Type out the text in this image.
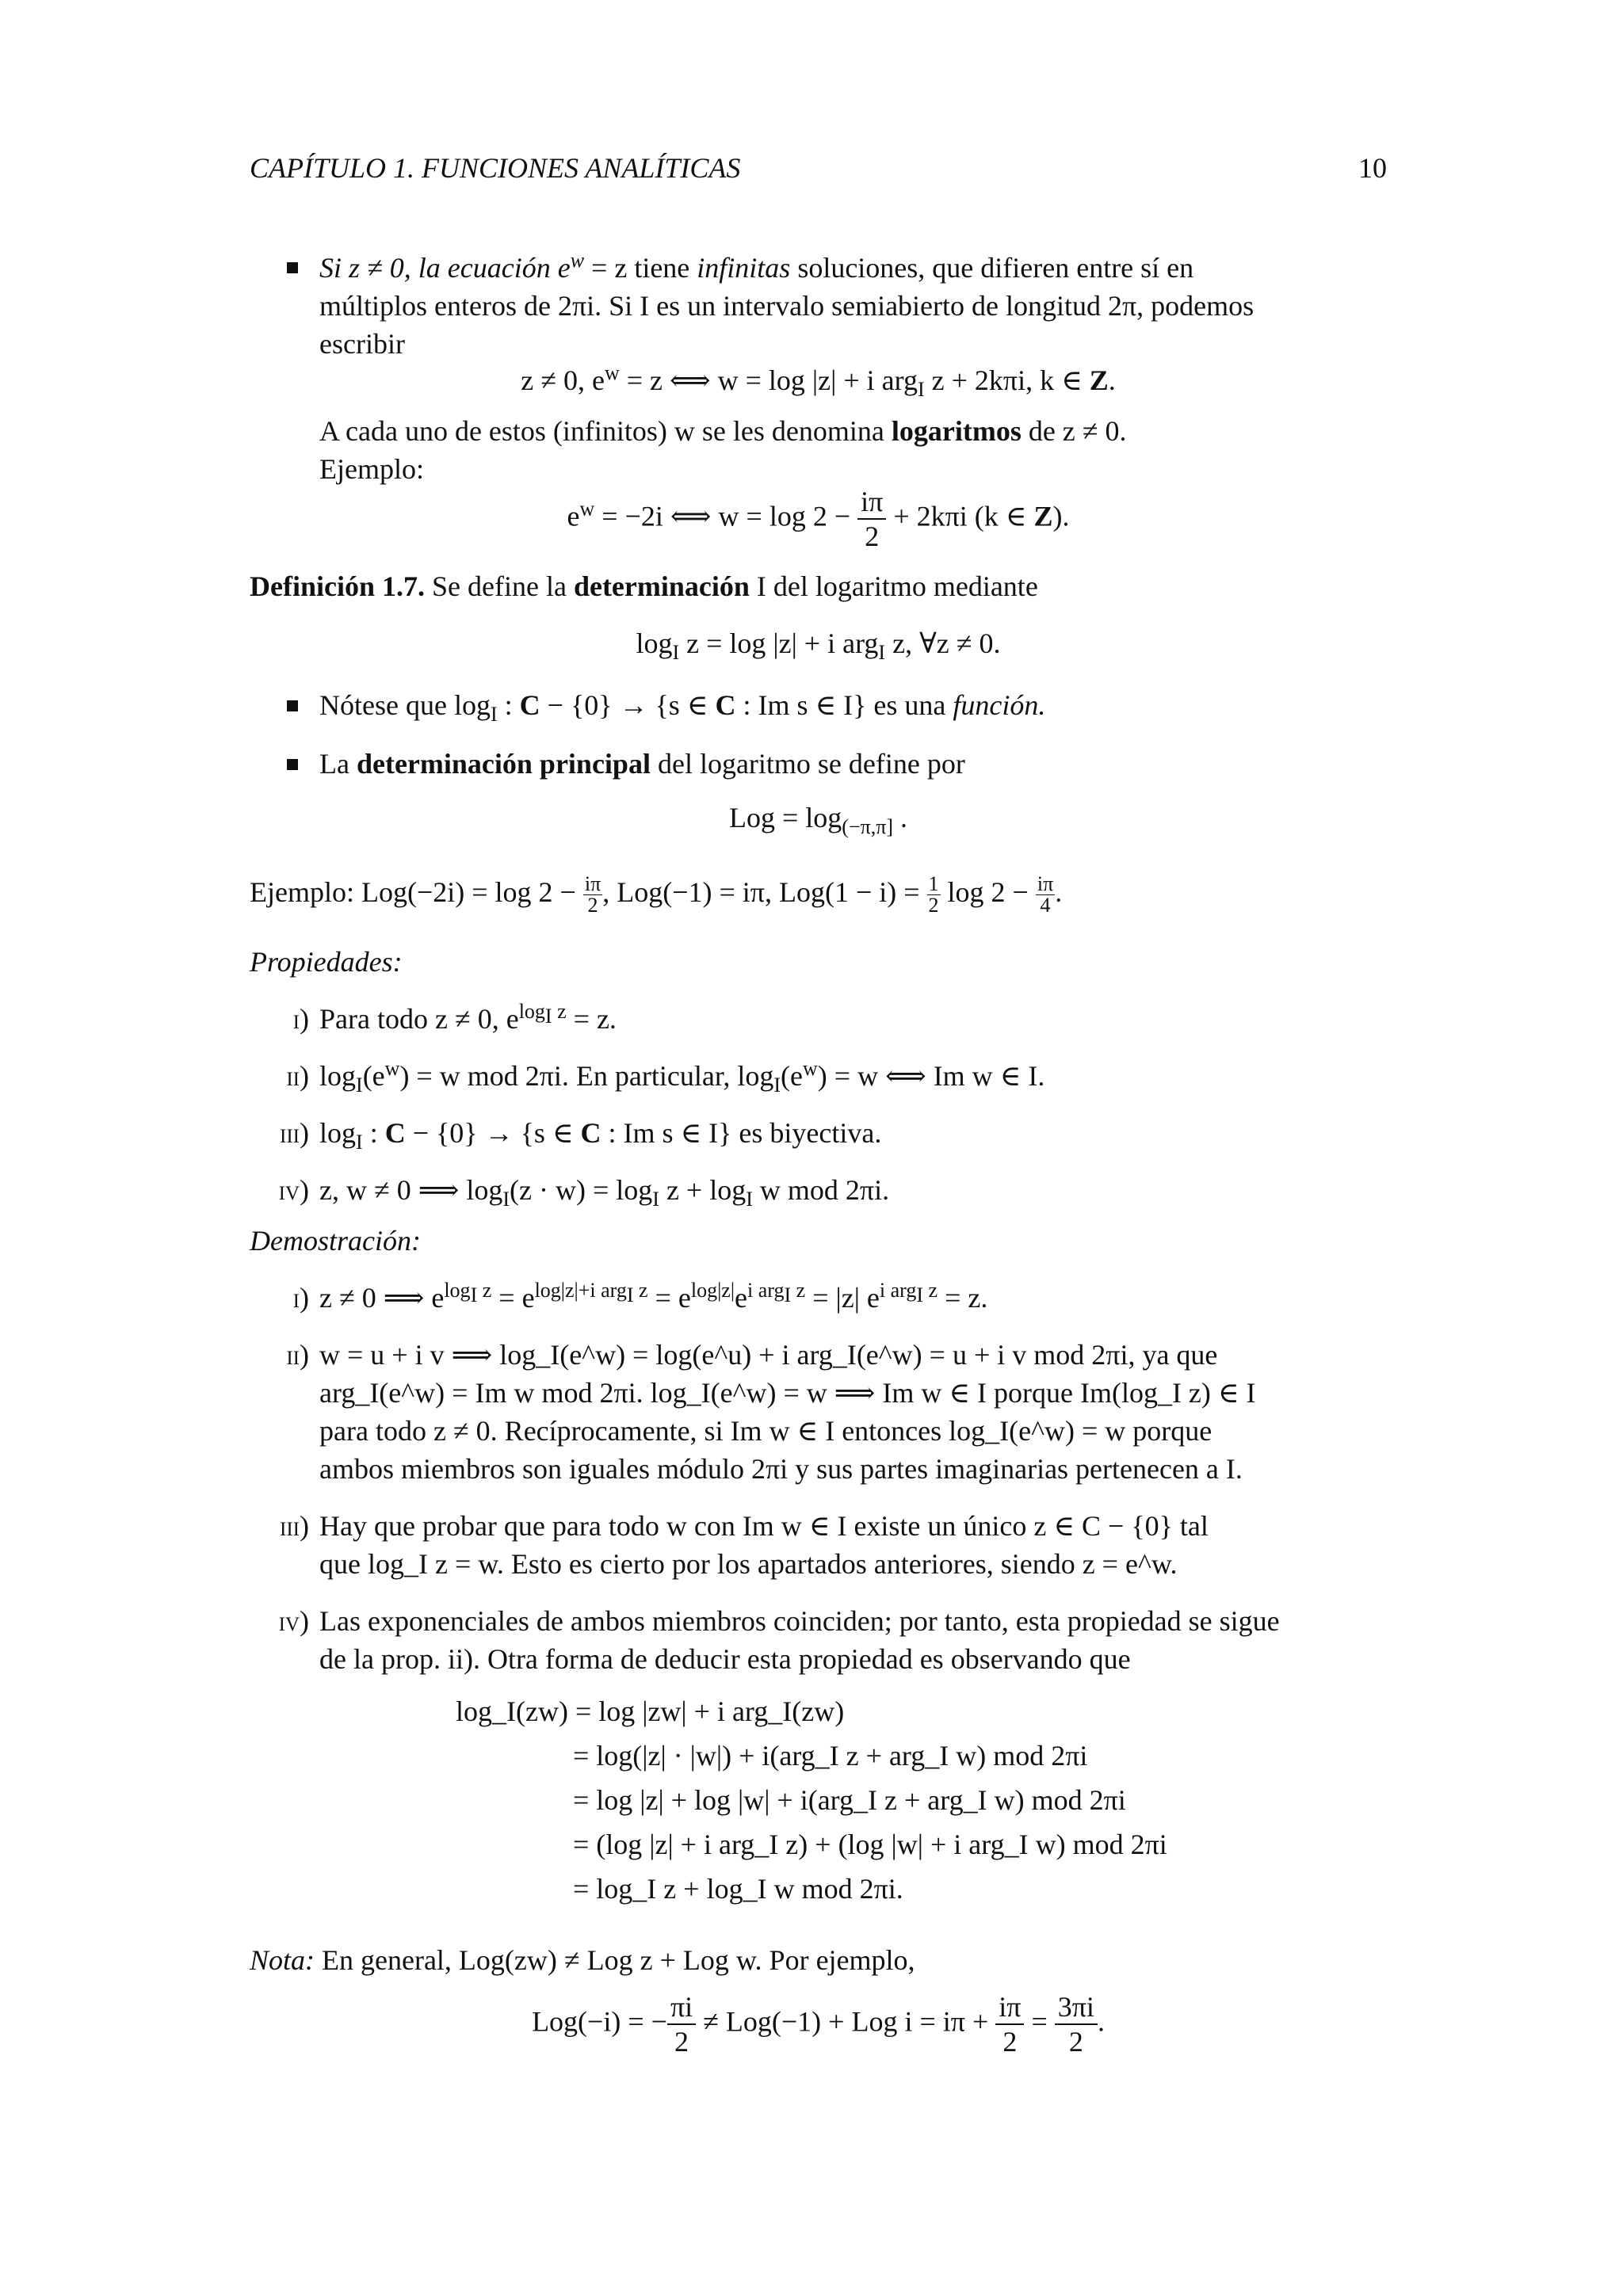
CAPÍTULO 1. FUNCIONES ANALÍTICAS	10
Si z ≠ 0, la ecuación $e^w = z$ tiene infinitas soluciones, que difieren entre sí en
múltiplos enteros de 2πi. Si I es un intervalo semiabierto de longitud 2π, podemos
escribir
z ≠ 0, $e^w = z$ ⟺ w = log |z| + i arg$_I$ z + 2kπi, k ∈ Z.
A cada uno de estos (infinitos) w se les denomina logaritmos de z ≠ 0.
Ejemplo:
$e^w = -2i$ ⟺ $w = \log 2 - \frac{i\pi}{2} + 2k\pi i$ (k ∈ Z).
Definición 1.7. Se define la determinación I del logaritmo mediante
$\log_I z = \log |z| + i$ arg$_I$ z, ∀z ≠ 0.
Nótese que $\log_I$ : C − {0} → {s ∈ C : Im s ∈ I} es una función.
La determinación principal del logaritmo se define por
Log = $\log_{(-\pi,\pi]}$ .
Ejemplo: $Log(-2i) = \log 2 - \frac{i\pi}{2}$ , Log(−1) = iπ, $Log(1 - i) = \frac{1}{2}$ $\log 2 - \frac{i\pi}{4}$ .
Propiedades:
i) Para todo z ≠ 0, $e^{log_I z} = z$.
ii) $\log_I(e^w) = w$ mod 2πi. En particular, $\log_I(e^w) = w$ ⟺ Im w ∈ I.
iii) $\log_I$ : C − {0} → {s ∈ C : Im s ∈ I} es biyectiva.
iv) z, w ≠ 0 ⟹ $\log_I(z \cdot w) = \log_I z + \log_I w$ mod 2πi.
Demostración:
i) z ≠ 0 ⟹ $e^{log_I z} = e^{log|z|+i arg_I z} = e^{log|z|}e^{i arg_I z} = |z|$ $e^{i arg_I z} = z$.
ii) w = u + i v ⟹ log_I(e^w) = log(e^u) + i arg_I(e^w) = u + i v mod 2πi, ya que
arg_I(e^w) = Im w mod 2πi. log_I(e^w) = w ⟹ Im w ∈ I porque Im(log_I z) ∈ I
para todo z ≠ 0. Recíprocamente, si Im w ∈ I entonces log_I(e^w) = w porque
ambos miembros son iguales módulo 2πi y sus partes imaginarias pertenecen a I.
iii) Hay que probar que para todo w con Im w ∈ I existe un único z ∈ C − {0} tal
que log_I z = w. Esto es cierto por los apartados anteriores, siendo z = e^w.
iv) Las exponenciales de ambos miembros coinciden; por tanto, esta propiedad se sigue
de la prop. ii). Otra forma de deducir esta propiedad es observando que
log_I(zw) = log |zw| + i arg_I(zw)
= log(|z| · |w|) + i(arg_I z + arg_I w) mod 2πi
= log |z| + log |w| + i(arg_I z + arg_I w) mod 2πi
= (log |z| + i arg_I z) + (log |w| + i arg_I w) mod 2πi
= log_I z + log_I w mod 2πi.
Nota: En general, Log(zw) ≠ Log z + Log w. Por ejemplo,
Log(−i) = − $\frac{\pi i}{2} \ne Log(-1)$ + Log $i = i\pi + \frac{i\pi}{2} = \frac{3\pi i}{2}$ .
